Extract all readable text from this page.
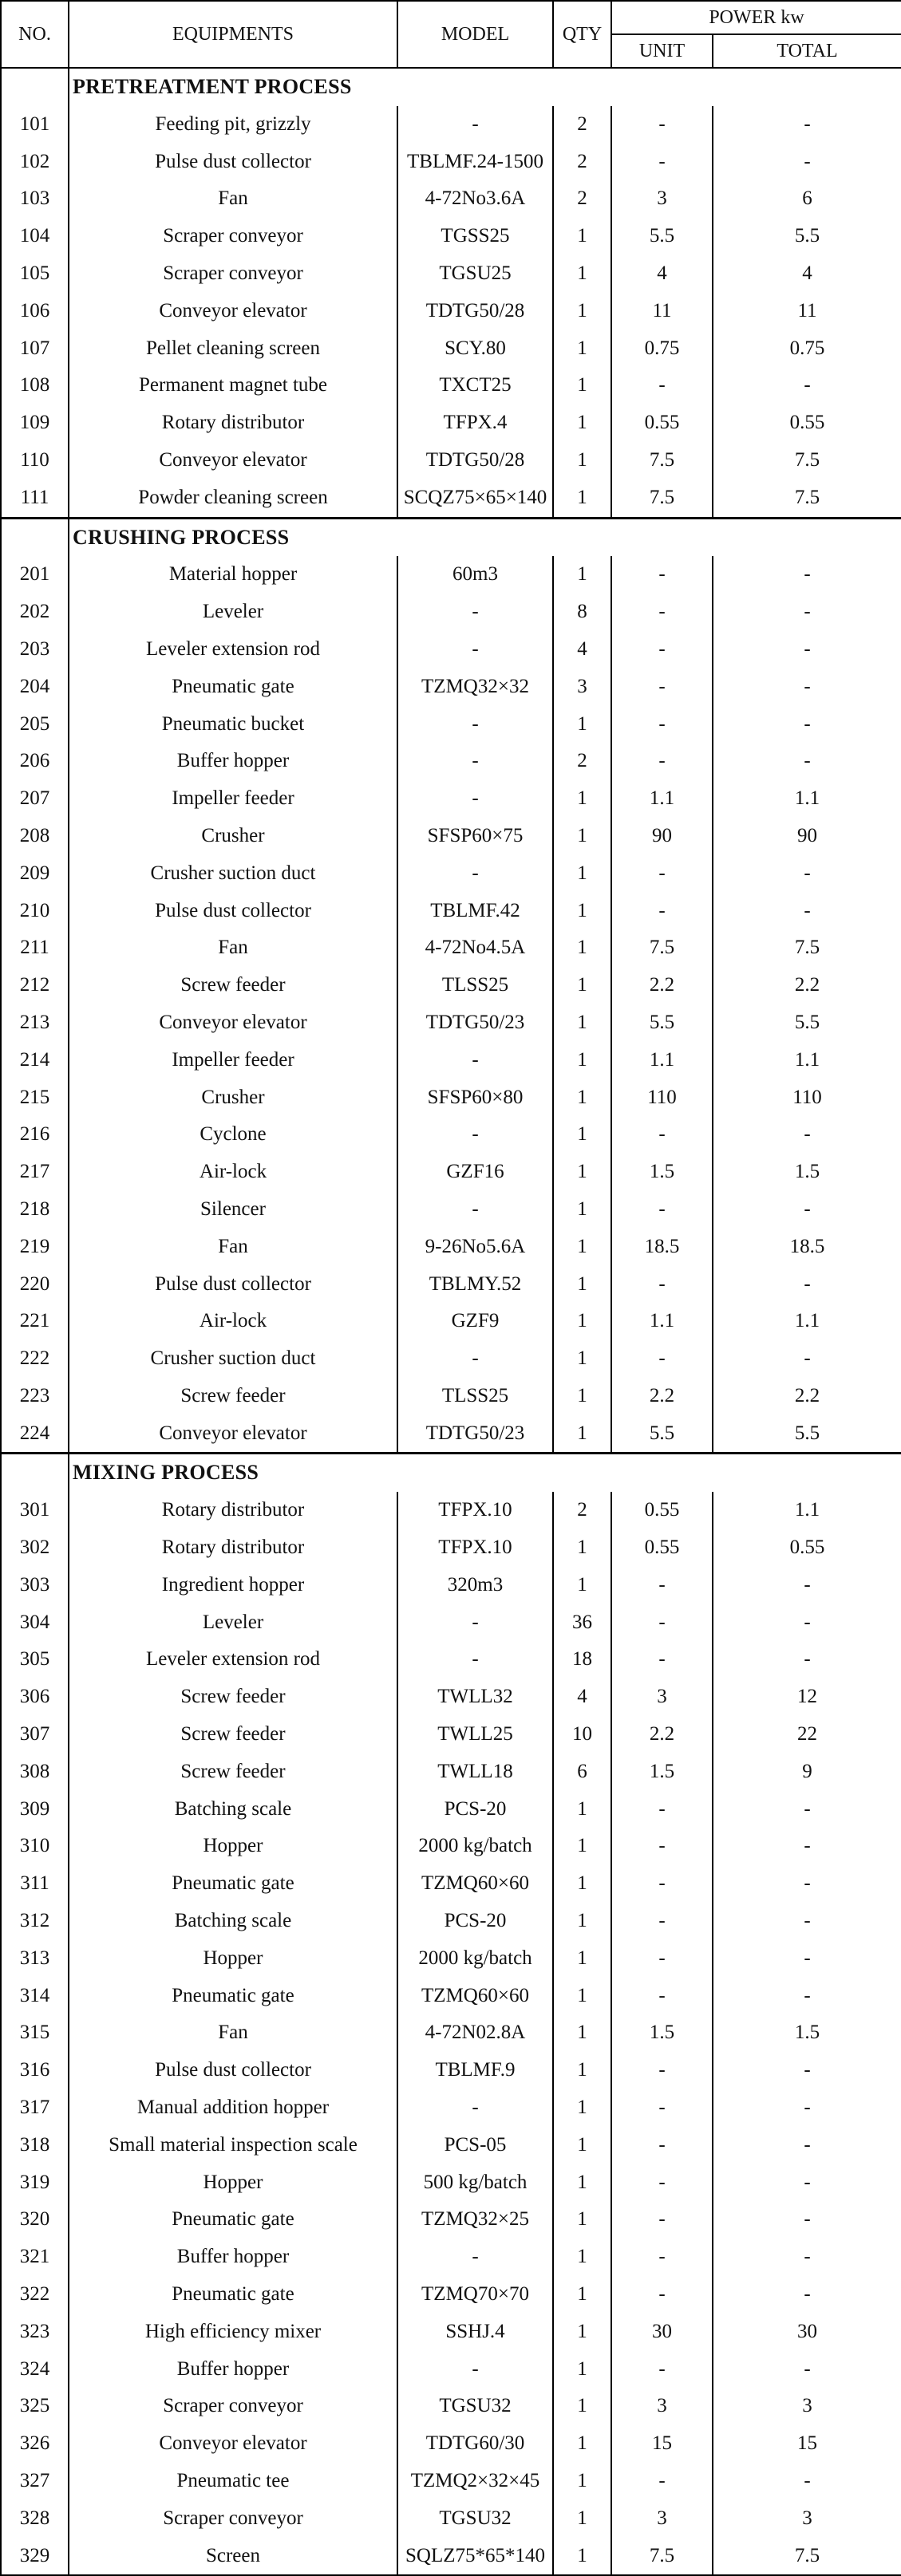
NO.	EQUIPMENTS	MODEL	QTY	POWER kw	
				UNIT	TOTAL
	PRETREATMENT PROCESS				
101	Feeding pit, grizzly	-	2	-	-
102	Pulse dust collector	TBLMF.24-1500	2	-	-
103	Fan	4-72No3.6A	2	3	6
104	Scraper conveyor	TGSS25	1	5.5	5.5
105	Scraper conveyor	TGSU25	1	4	4
106	Conveyor elevator	TDTG50/28	1	11	11
107	Pellet cleaning screen	SCY.80	1	0.75	0.75
108	Permanent magnet tube	TXCT25	1	-	-
109	Rotary distributor	TFPX.4	1	0.55	0.55
110	Conveyor elevator	TDTG50/28	1	7.5	7.5
111	Powder cleaning screen	SCQZ75×65×140	1	7.5	7.5
	CRUSHING PROCESS				
201	Material hopper	60m3	1	-	-
202	Leveler	-	8	-	-
203	Leveler extension rod	-	4	-	-
204	Pneumatic gate	TZMQ32×32	3	-	-
205	Pneumatic bucket	-	1	-	-
206	Buffer hopper	-	2	-	-
207	Impeller feeder	-	1	1.1	1.1
208	Crusher	SFSP60×75	1	90	90
209	Crusher suction duct	-	1	-	-
210	Pulse dust collector	TBLMF.42	1	-	-
211	Fan	4-72No4.5A	1	7.5	7.5
212	Screw feeder	TLSS25	1	2.2	2.2
213	Conveyor elevator	TDTG50/23	1	5.5	5.5
214	Impeller feeder	-	1	1.1	1.1
215	Crusher	SFSP60×80	1	110	110
216	Cyclone	-	1	-	-
217	Air-lock	GZF16	1	1.5	1.5
218	Silencer	-	1	-	-
219	Fan	9-26No5.6A	1	18.5	18.5
220	Pulse dust collector	TBLMY.52	1	-	-
221	Air-lock	GZF9	1	1.1	1.1
222	Crusher suction duct	-	1	-	-
223	Screw feeder	TLSS25	1	2.2	2.2
224	Conveyor elevator	TDTG50/23	1	5.5	5.5
	MIXING PROCESS				
301	Rotary distributor	TFPX.10	2	0.55	1.1
302	Rotary distributor	TFPX.10	1	0.55	0.55
303	Ingredient hopper	320m3	1	-	-
304	Leveler	-	36	-	-
305	Leveler extension rod	-	18	-	-
306	Screw feeder	TWLL32	4	3	12
307	Screw feeder	TWLL25	10	2.2	22
308	Screw feeder	TWLL18	6	1.5	9
309	Batching scale	PCS-20	1	-	-
310	Hopper	2000 kg/batch	1	-	-
311	Pneumatic gate	TZMQ60×60	1	-	-
312	Batching scale	PCS-20	1	-	-
313	Hopper	2000 kg/batch	1	-	-
314	Pneumatic gate	TZMQ60×60	1	-	-
315	Fan	4-72N02.8A	1	1.5	1.5
316	Pulse dust collector	TBLMF.9	1	-	-
317	Manual addition hopper	-	1	-	-
318	Small material inspection scale	PCS-05	1	-	-
319	Hopper	500 kg/batch	1	-	-
320	Pneumatic gate	TZMQ32×25	1	-	-
321	Buffer hopper	-	1	-	-
322	Pneumatic gate	TZMQ70×70	1	-	-
323	High efficiency mixer	SSHJ.4	1	30	30
324	Buffer hopper	-	1	-	-
325	Scraper conveyor	TGSU32	1	3	3
326	Conveyor elevator	TDTG60/30	1	15	15
327	Pneumatic tee	TZMQ2×32×45	1	-	-
328	Scraper conveyor	TGSU32	1	3	3
329	Screen	SQLZ75*65*140	1	7.5	7.5
